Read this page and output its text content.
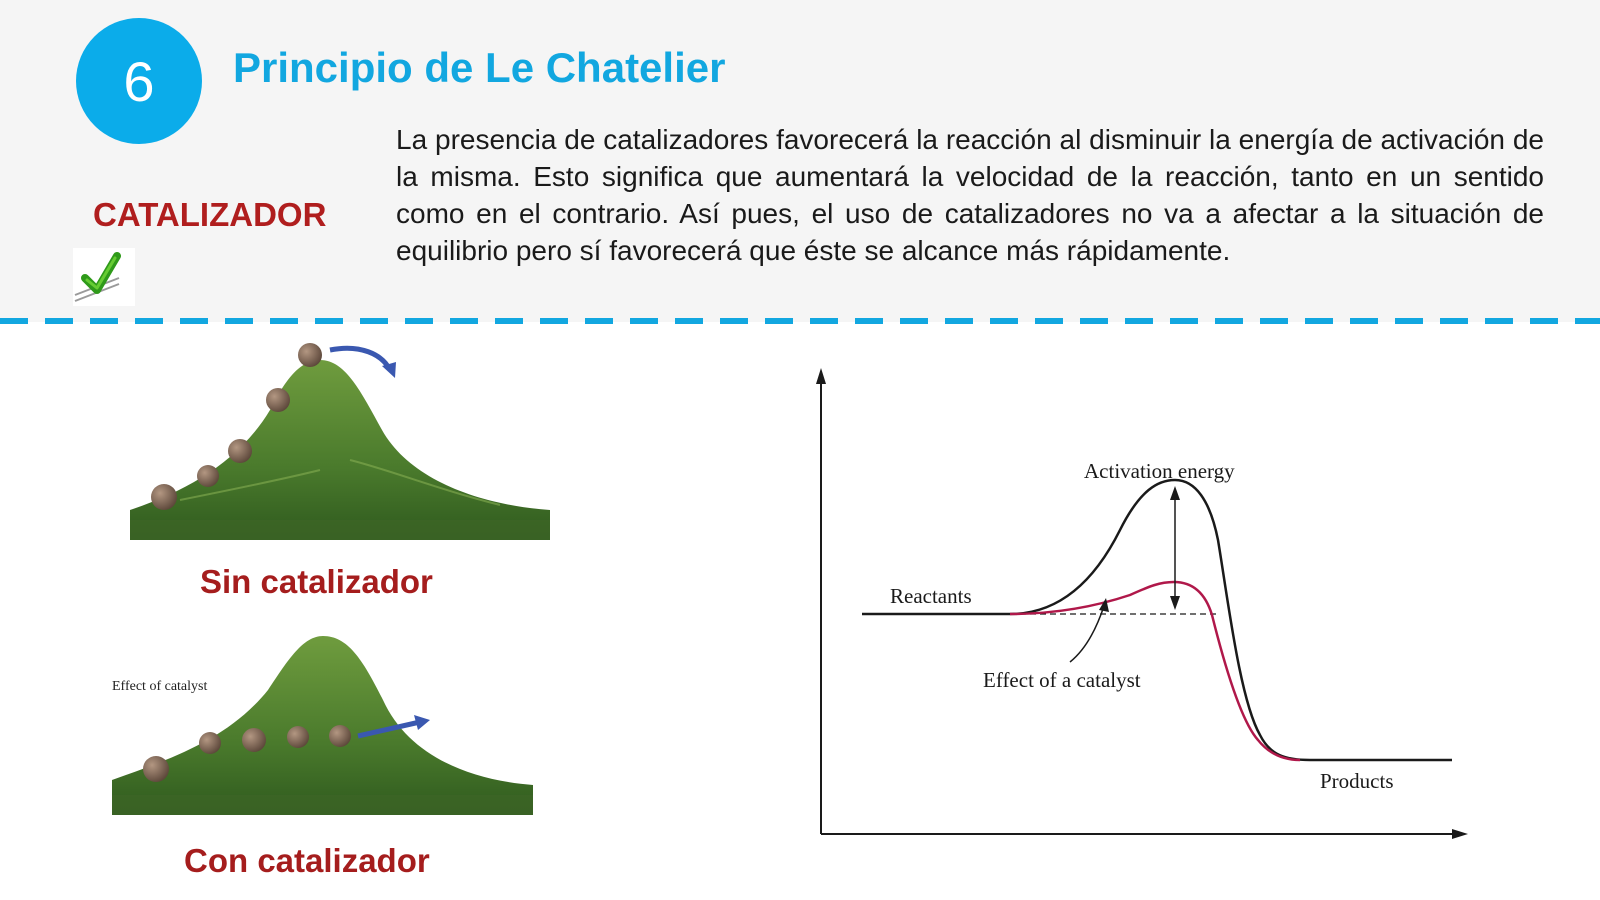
6	Principio de Le Chatelier
CATALIZADOR

La presencia de catalizadores favorecerá la reacción al disminuir la energía de activación de la misma. Esto significa que aumentará la velocidad de la reacción, tanto en un sentido como en el contrario. Así pues, el uso de catalizadores no va a afectar a la situación de equilibrio pero sí favorecerá que éste se alcance más rápidamente.

Sin catalizador
Effect of catalyst
Con catalizador
Activation energy
Reactants
Effect of a catalyst
Products
